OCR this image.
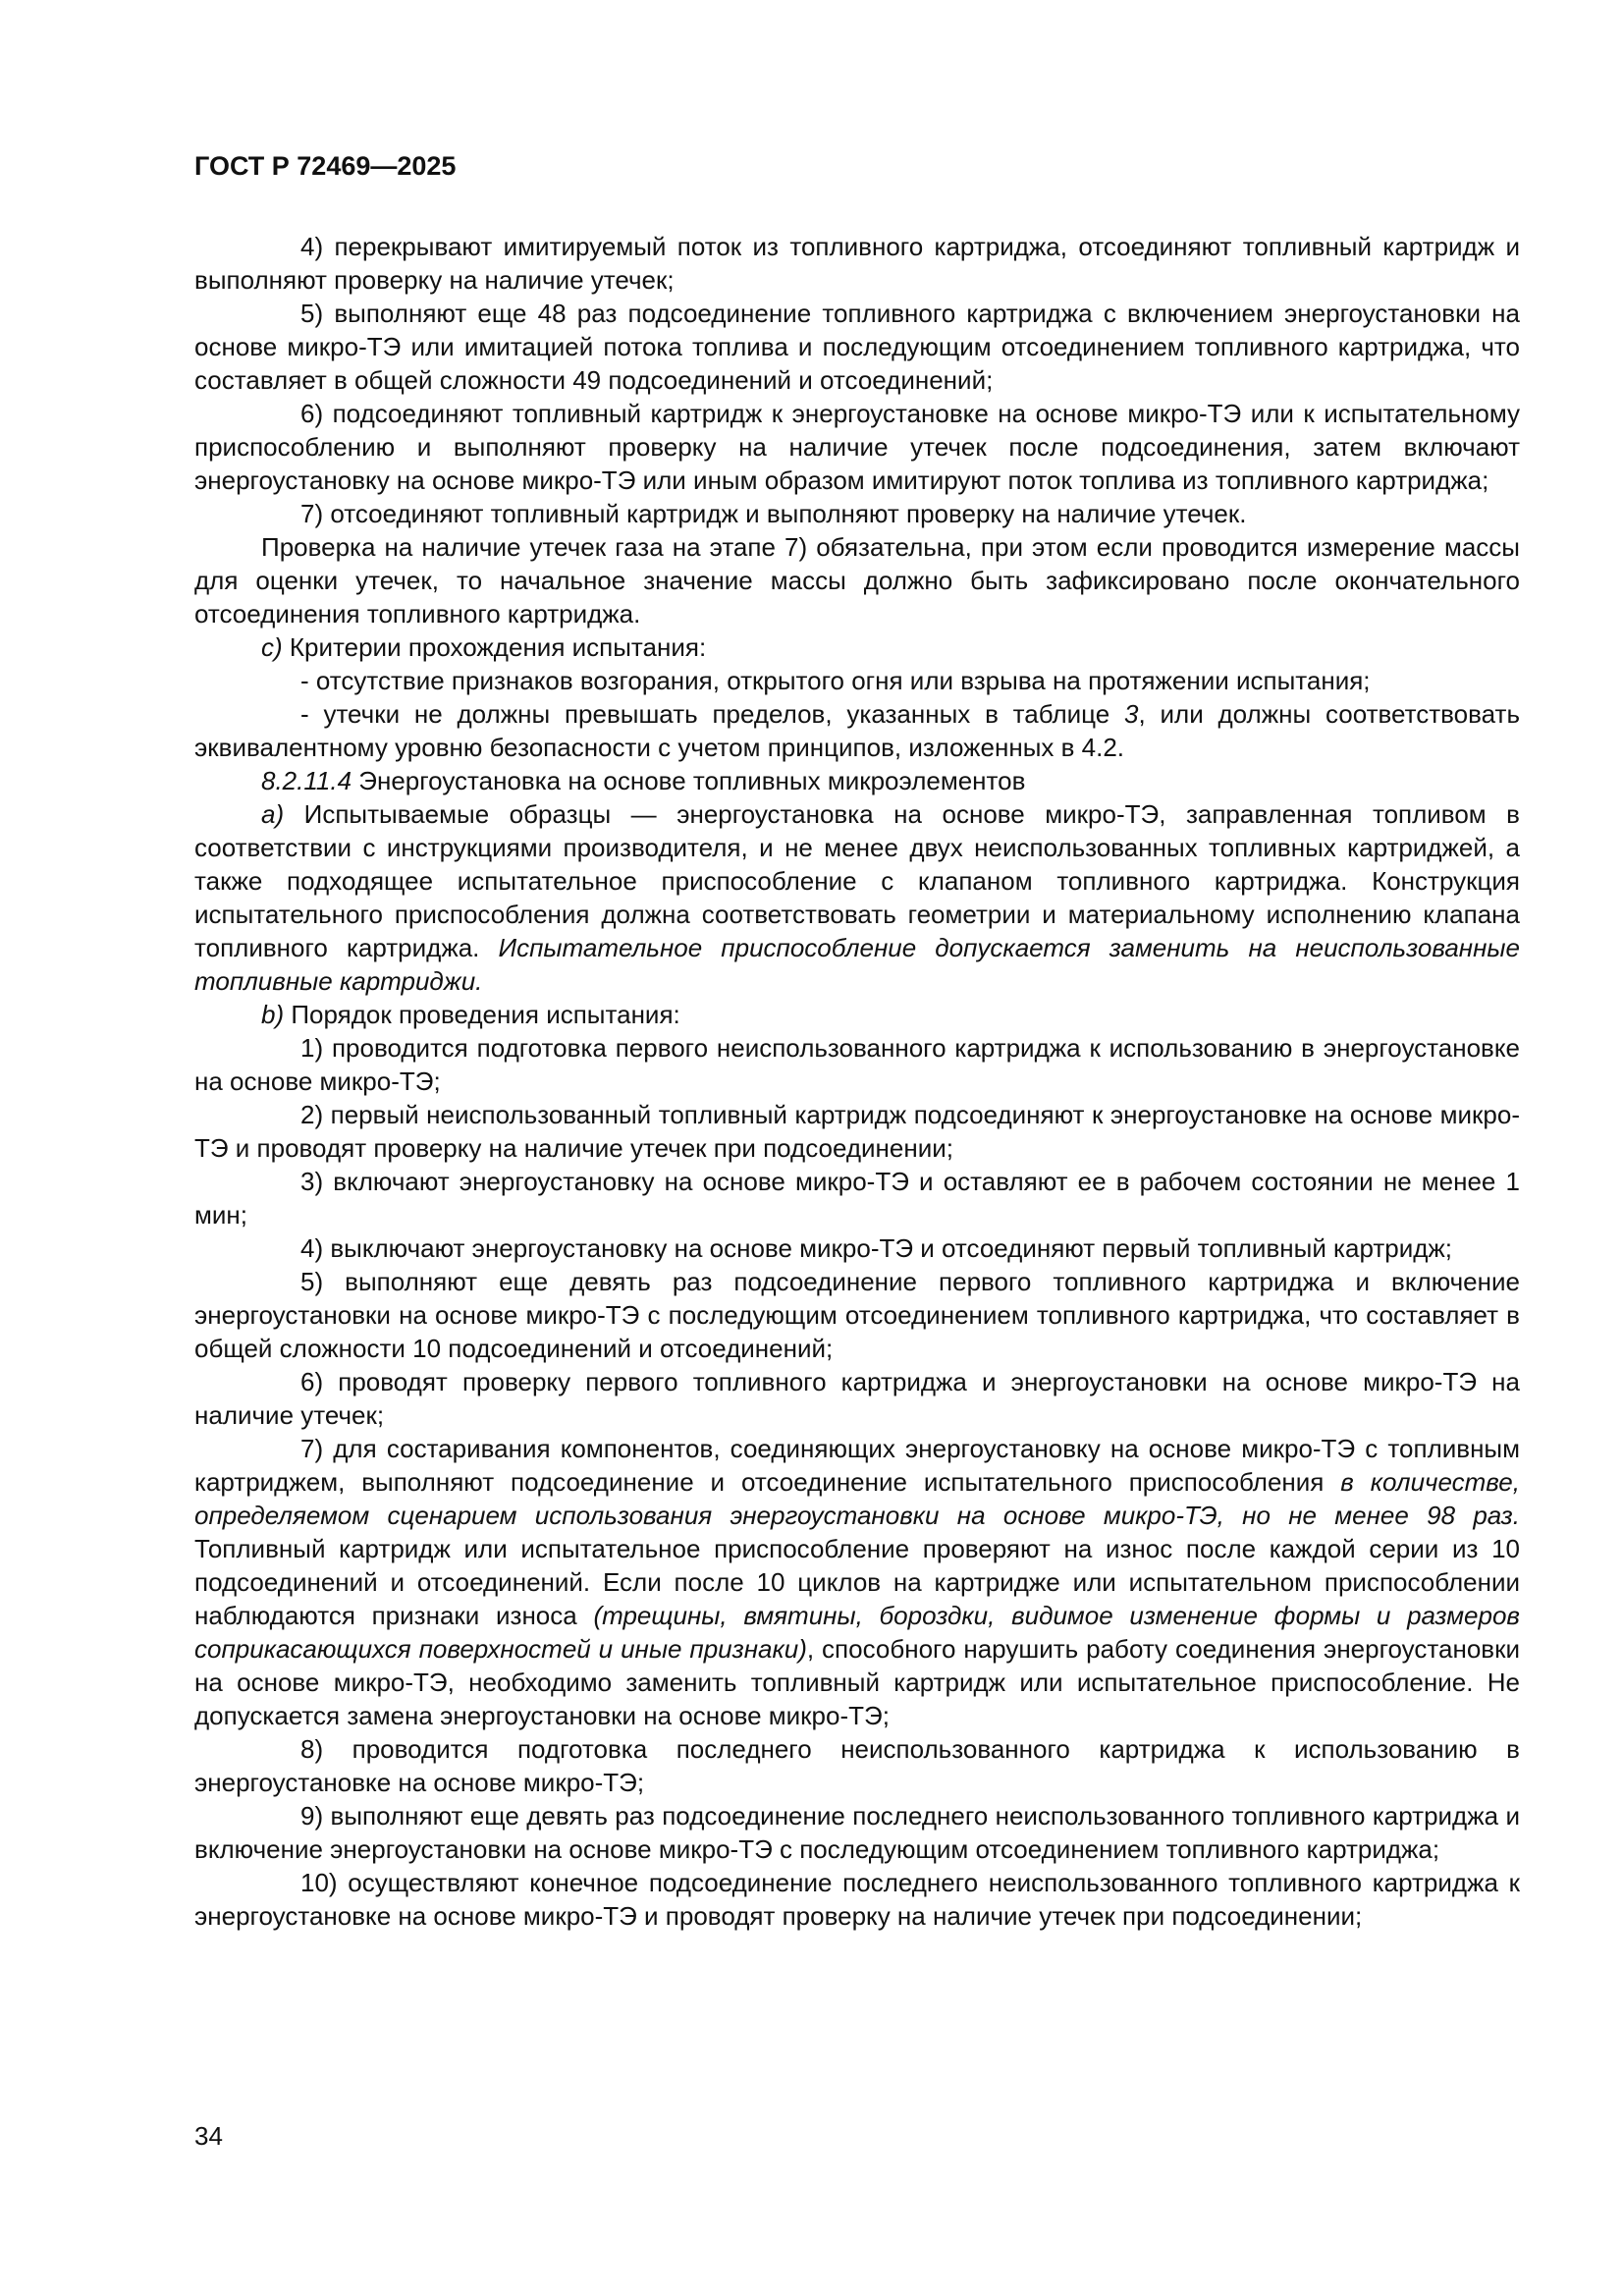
ГОСТ Р 72469—2025

4) перекрывают имитируемый поток из топливного картриджа, отсоединяют топливный картридж и выполняют проверку на наличие утечек;

5) выполняют еще 48 раз подсоединение топливного картриджа с включением энергоустановки на основе микро-ТЭ или имитацией потока топлива и последующим отсоединением топливного картриджа, что составляет в общей сложности 49 подсоединений и отсоединений;

6) подсоединяют топливный картридж к энергоустановке на основе микро-ТЭ или к испытательному приспособлению и выполняют проверку на наличие утечек после подсоединения, затем включают энергоустановку на основе микро-ТЭ или иным образом имитируют поток топлива из топливного картриджа;

7) отсоединяют топливный картридж и выполняют проверку на наличие утечек.

Проверка на наличие утечек газа на этапе 7) обязательна, при этом если проводится измерение массы для оценки утечек, то начальное значение массы должно быть зафиксировано после окончательного отсоединения топливного картриджа.

с) Критерии прохождения испытания:

- отсутствие признаков возгорания, открытого огня или взрыва на протяжении испытания;

- утечки не должны превышать пределов, указанных в таблице 3, или должны соответствовать эквивалентному уровню безопасности с учетом принципов, изложенных в 4.2.

8.2.11.4 Энергоустановка на основе топливных микроэлементов

а) Испытываемые образцы — энергоустановка на основе микро-ТЭ, заправленная топливом в соответствии с инструкциями производителя, и не менее двух неиспользованных топливных картриджей, а также подходящее испытательное приспособление с клапаном топливного картриджа. Конструкция испытательного приспособления должна соответствовать геометрии и материальному исполнению клапана топливного картриджа. Испытательное приспособление допускается заменить на неиспользованные топливные картриджи.

b) Порядок проведения испытания:

1) проводится подготовка первого неиспользованного картриджа к использованию в энергоустановке на основе микро-ТЭ;

2) первый неиспользованный топливный картридж подсоединяют к энергоустановке на основе микро-ТЭ и проводят проверку на наличие утечек при подсоединении;

3) включают энергоустановку на основе микро-ТЭ и оставляют ее в рабочем состоянии не менее 1 мин;

4) выключают энергоустановку на основе микро-ТЭ и отсоединяют первый топливный картридж;

5) выполняют еще девять раз подсоединение первого топливного картриджа и включение энергоустановки на основе микро-ТЭ с последующим отсоединением топливного картриджа, что составляет в общей сложности 10 подсоединений и отсоединений;

6) проводят проверку первого топливного картриджа и энергоустановки на основе микро-ТЭ на наличие утечек;

7) для состаривания компонентов, соединяющих энергоустановку на основе микро-ТЭ с топливным картриджем, выполняют подсоединение и отсоединение испытательного приспособления в количестве, определяемом сценарием использования энергоустановки на основе микро-ТЭ, но не менее 98 раз. Топливный картридж или испытательное приспособление проверяют на износ после каждой серии из 10 подсоединений и отсоединений. Если после 10 циклов на картридже или испытательном приспособлении наблюдаются признаки износа (трещины, вмятины, бороздки, видимое изменение формы и размеров соприкасающихся поверхностей и иные признаки), способного нарушить работу соединения энергоустановки на основе микро-ТЭ, необходимо заменить топливный картридж или испытательное приспособление. Не допускается замена энергоустановки на основе микро-ТЭ;

8) проводится подготовка последнего неиспользованного картриджа к использованию в энергоустановке на основе микро-ТЭ;

9) выполняют еще девять раз подсоединение последнего неиспользованного топливного картриджа и включение энергоустановки на основе микро-ТЭ с последующим отсоединением топливного картриджа;

10) осуществляют конечное подсоединение последнего неиспользованного топливного картриджа к энергоустановке на основе микро-ТЭ и проводят проверку на наличие утечек при подсоединении;

34
